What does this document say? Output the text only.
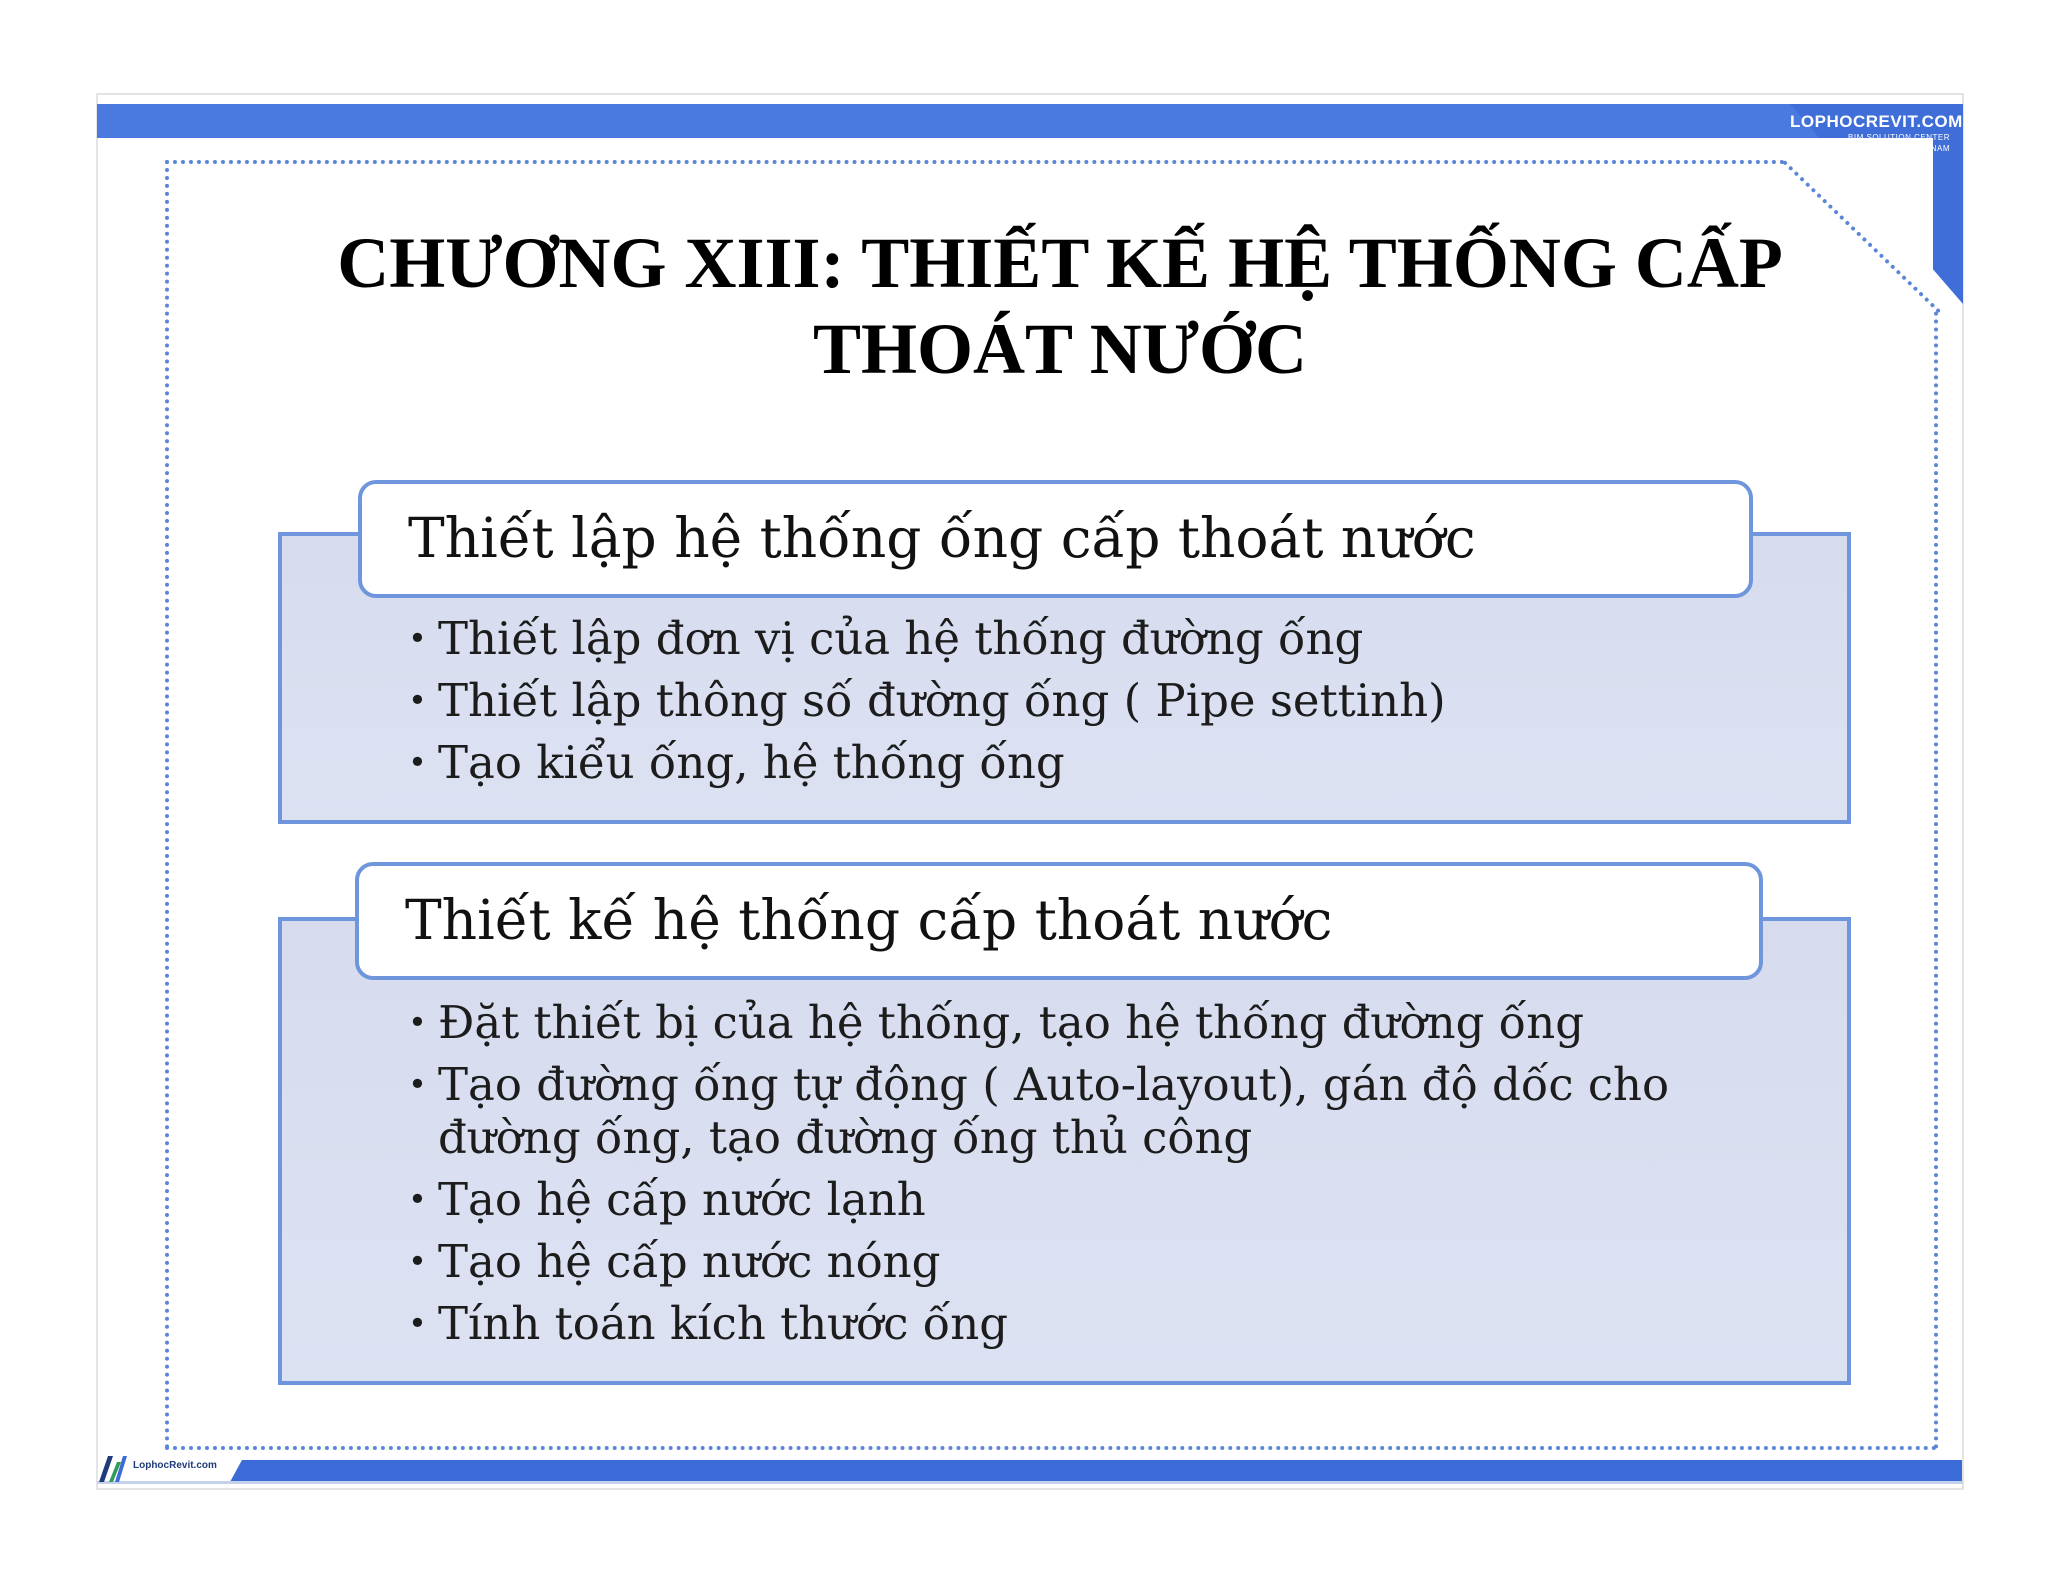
LOPHOCREVIT.COM
BIM SOLUTION CENTER
VIETNAM
CHƯƠNG XIII: THIẾT KẾ HỆ THỐNG CẤP
THOÁT NƯỚC
Thiết lập hệ thống ống cấp thoát nước
• Thiết lập đơn vị của hệ thống đường ống
• Thiết lập thông số đường ống ( Pipe settinh)
• Tạo kiểu ống, hệ thống ống
Thiết kế hệ thống cấp thoát nước
• Đặt thiết bị của hệ thống, tạo hệ thống đường ống
• Tạo đường ống tự động ( Auto-layout), gán độ dốc cho đường ống, tạo đường ống thủ công
• Tạo hệ cấp nước lạnh
• Tạo hệ cấp nước nóng
• Tính toán kích thước ống
LophocRevit.com
